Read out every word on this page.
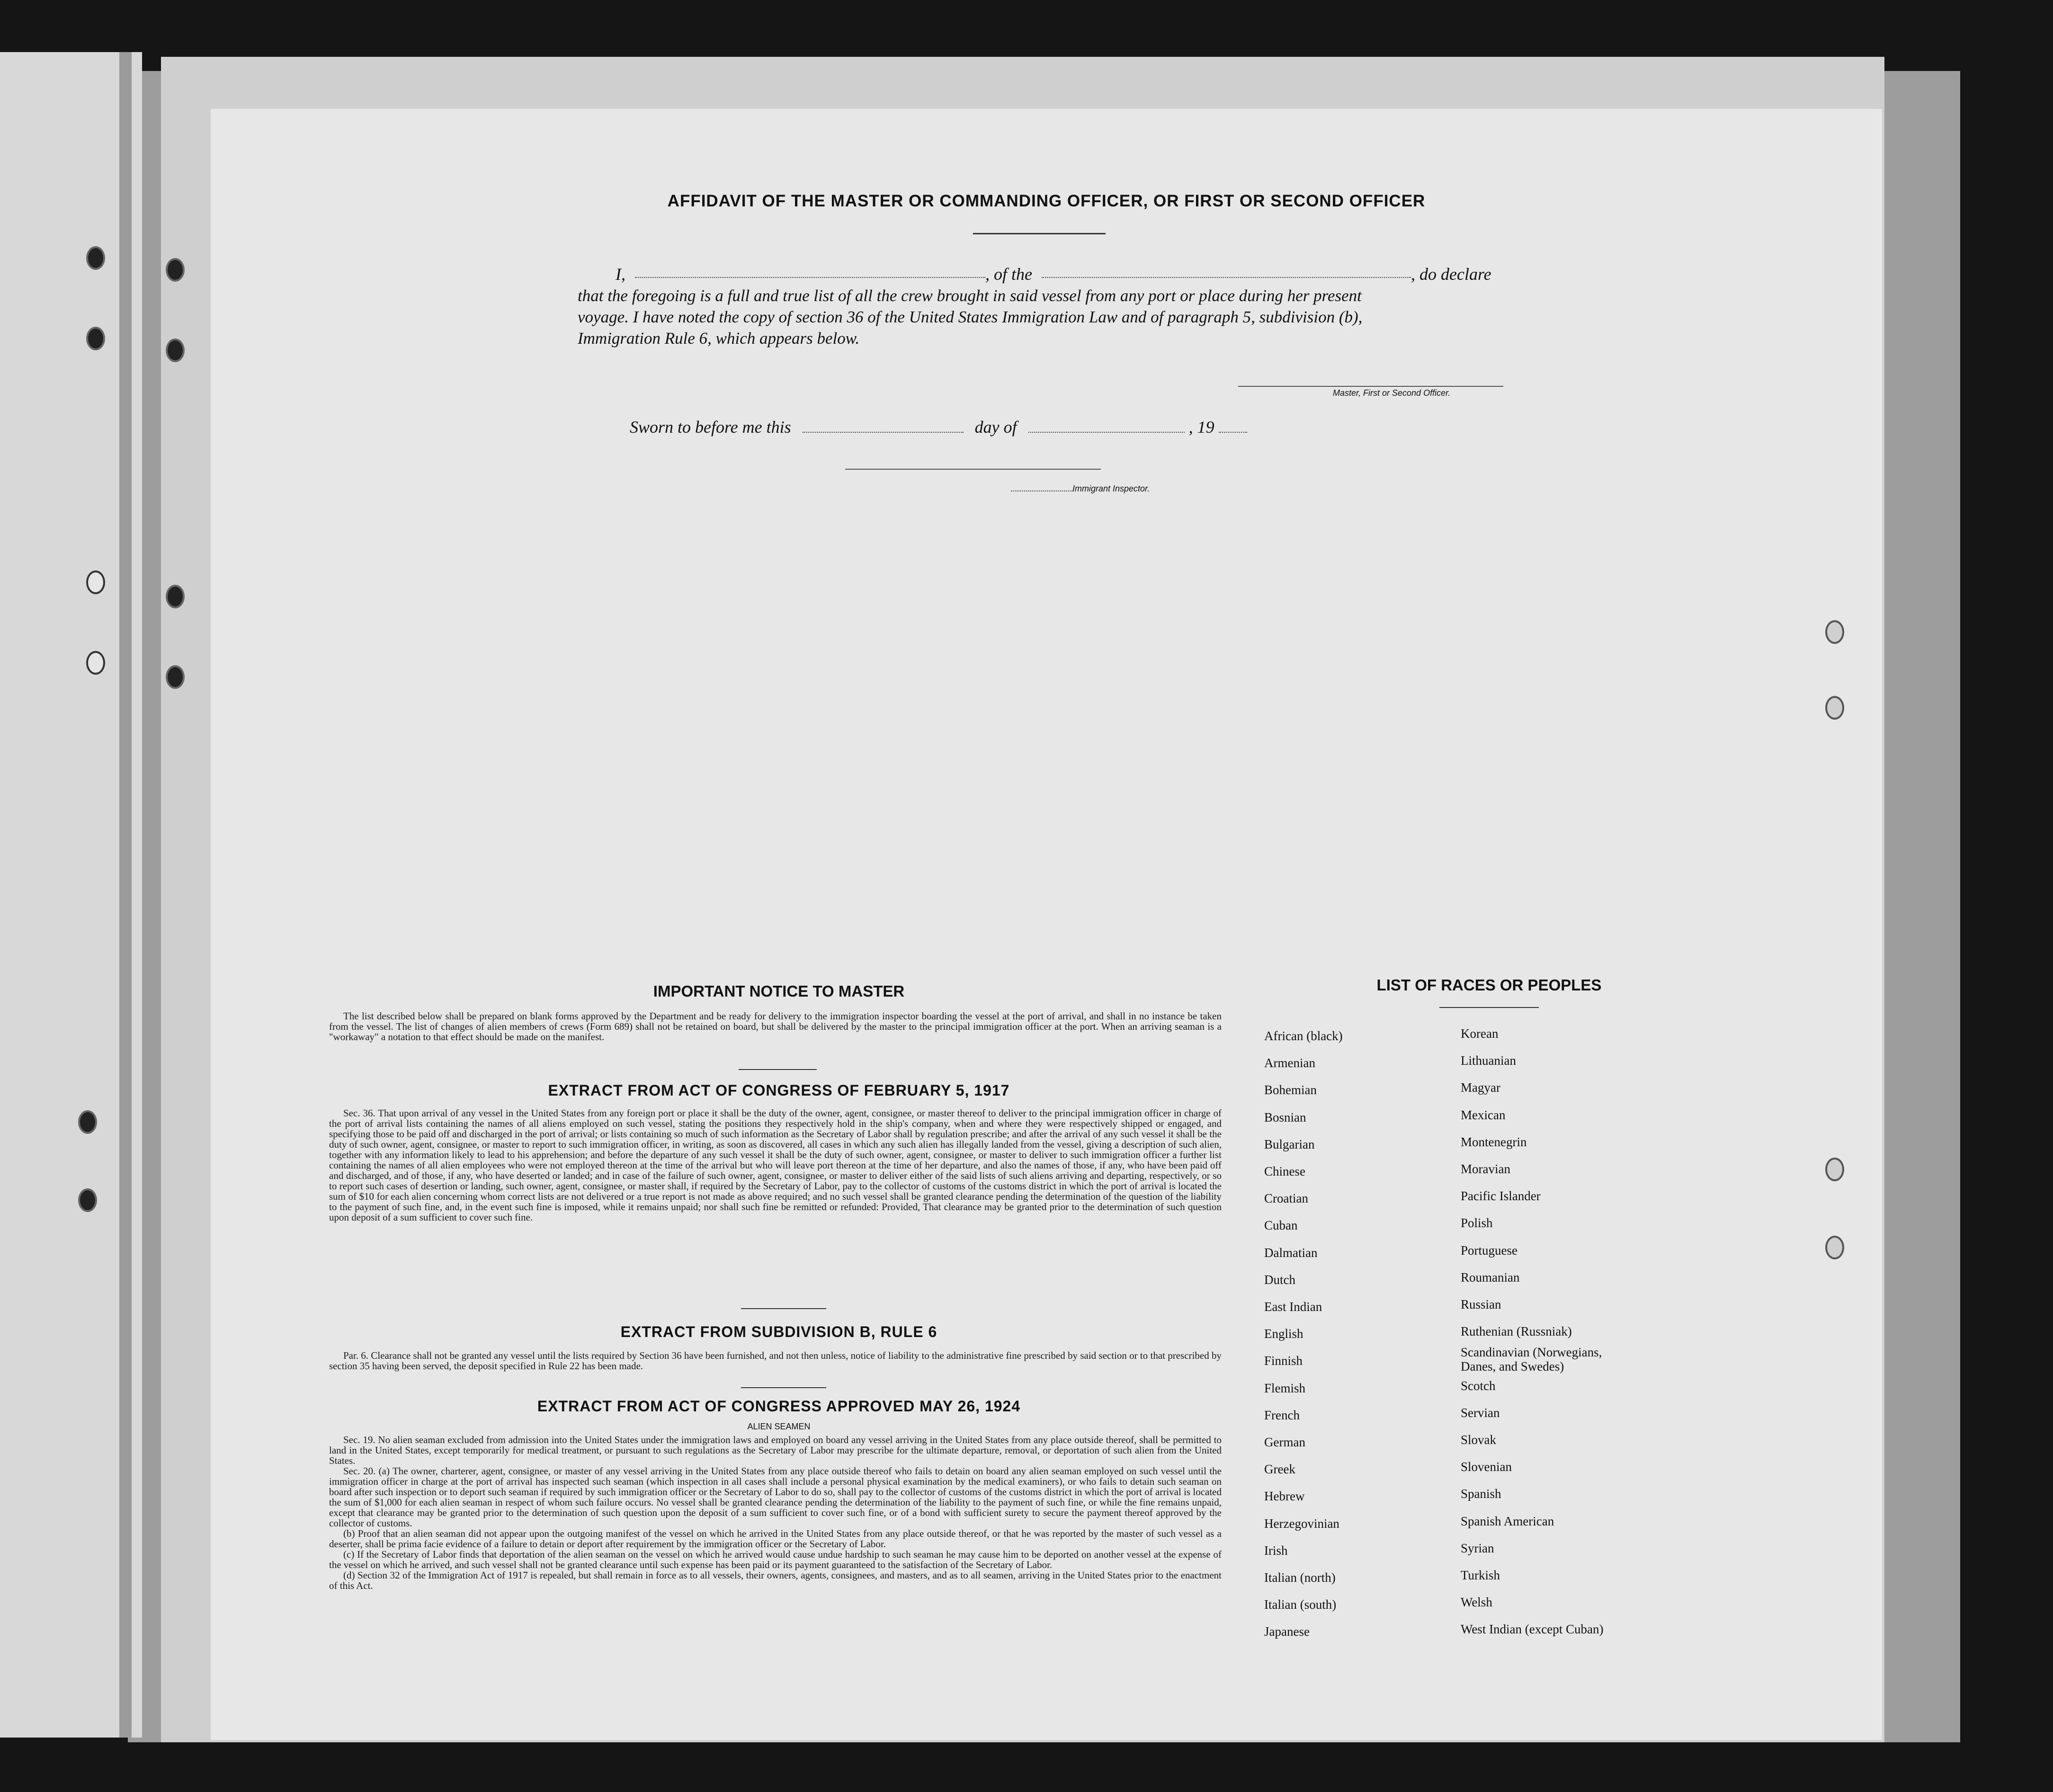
AFFIDAVIT OF THE MASTER OR COMMANDING OFFICER, OR FIRST OR SECOND OFFICER
I,	, of the	, do declare
that the foregoing is a full and true list of all the crew brought in said vessel from any port or place during her present
voyage. I have noted the copy of section 36 of the United States Immigration Law and of paragraph 5, subdivision (b),
Immigration Rule 6, which appears below.
Master, First or Second Officer.
Sworn to before me this	day of	, 19
Immigrant Inspector.
IMPORTANT NOTICE TO MASTER

The list described below shall be prepared on blank forms approved by the Department and be ready for delivery to the immigration inspector boarding the vessel at the port of arrival, and shall in no instance be taken from the vessel. The list of changes of alien members of crews (Form 689) shall not be retained on board, but shall be delivered by the master to the principal immigration officer at the port. When an arriving seaman is a "workaway" a notation to that effect should be made on the manifest.

EXTRACT FROM ACT OF CONGRESS OF FEBRUARY 5, 1917

Sec. 36. That upon arrival of any vessel in the United States from any foreign port or place it shall be the duty of the owner, agent, consignee, or master thereof to deliver to the principal immigration officer in charge of the port of arrival lists containing the names of all aliens employed on such vessel, stating the positions they respectively hold in the ship's company, when and where they were respectively shipped or engaged, and specifying those to be paid off and discharged in the port of arrival; or lists containing so much of such information as the Secretary of Labor shall by regulation prescribe; and after the arrival of any such vessel it shall be the duty of such owner, agent, consignee, or master to report to such immigration officer, in writing, as soon as discovered, all cases in which any such alien has illegally landed from the vessel, giving a description of such alien, together with any information likely to lead to his apprehension; and before the departure of any such vessel it shall be the duty of such owner, agent, consignee, or master to deliver to such immigration officer a further list containing the names of all alien employees who were not employed thereon at the time of the arrival but who will leave port thereon at the time of her departure, and also the names of those, if any, who have been paid off and discharged, and of those, if any, who have deserted or landed; and in case of the failure of such owner, agent, consignee, or master to deliver either of the said lists of such aliens arriving and departing, respectively, or so to report such cases of desertion or landing, such owner, agent, consignee, or master shall, if required by the Secretary of Labor, pay to the collector of customs of the customs district in which the port of arrival is located the sum of $10 for each alien concerning whom correct lists are not delivered or a true report is not made as above required; and no such vessel shall be granted clearance pending the determination of the question of the liability to the payment of such fine, and, in the event such fine is imposed, while it remains unpaid; nor shall such fine be remitted or refunded: Provided, That clearance may be granted prior to the determination of such question upon deposit of a sum sufficient to cover such fine.

EXTRACT FROM SUBDIVISION B, RULE 6

Par. 6. Clearance shall not be granted any vessel until the lists required by Section 36 have been furnished, and not then unless, notice of liability to the administrative fine prescribed by said section or to that prescribed by section 35 having been served, the deposit specified in Rule 22 has been made.

EXTRACT FROM ACT OF CONGRESS APPROVED MAY 26, 1924
ALIEN SEAMEN

Sec. 19. No alien seaman excluded from admission into the United States under the immigration laws and employed on board any vessel arriving in the United States from any place outside thereof, shall be permitted to land in the United States, except temporarily for medical treatment, or pursuant to such regulations as the Secretary of Labor may prescribe for the ultimate departure, removal, or deportation of such alien from the United States.

Sec. 20. (a) The owner, charterer, agent, consignee, or master of any vessel arriving in the United States from any place outside thereof who fails to detain on board any alien seaman employed on such vessel until the immigration officer in charge at the port of arrival has inspected such seaman (which inspection in all cases shall include a personal physical examination by the medical examiners), or who fails to detain such seaman on board after such inspection or to deport such seaman if required by such immigration officer or the Secretary of Labor to do so, shall pay to the collector of customs of the customs district in which the port of arrival is located the sum of $1,000 for each alien seaman in respect of whom such failure occurs. No vessel shall be granted clearance pending the determination of the liability to the payment of such fine, or while the fine remains unpaid, except that clearance may be granted prior to the determination of such question upon the deposit of a sum sufficient to cover such fine, or of a bond with sufficient surety to secure the payment thereof approved by the collector of customs.

(b) Proof that an alien seaman did not appear upon the outgoing manifest of the vessel on which he arrived in the United States from any place outside thereof, or that he was reported by the master of such vessel as a deserter, shall be prima facie evidence of a failure to detain or deport after requirement by the immigration officer or the Secretary of Labor.

(c) If the Secretary of Labor finds that deportation of the alien seaman on the vessel on which he arrived would cause undue hardship to such seaman he may cause him to be deported on another vessel at the expense of the vessel on which he arrived, and such vessel shall not be granted clearance until such expense has been paid or its payment guaranteed to the satisfaction of the Secretary of Labor.

(d) Section 32 of the Immigration Act of 1917 is repealed, but shall remain in force as to all vessels, their owners, agents, consignees, and masters, and as to all seamen, arriving in the United States prior to the enactment of this Act.

LIST OF RACES OR PEOPLES
African (black)
Armenian
Bohemian
Bosnian
Bulgarian
Chinese
Croatian
Cuban
Dalmatian
Dutch
East Indian
English
Finnish
Flemish
French
German
Greek
Hebrew
Herzegovinian
Irish
Italian (north)
Italian (south)
Japanese
Korean
Lithuanian
Magyar
Mexican
Montenegrin
Moravian
Pacific Islander
Polish
Portuguese
Roumanian
Russian
Ruthenian (Russniak)
Scandinavian (Norwegians, Danes, and Swedes)
Scotch
Servian
Slovak
Slovenian
Spanish
Spanish American
Syrian
Turkish
Welsh
West Indian (except Cuban)
